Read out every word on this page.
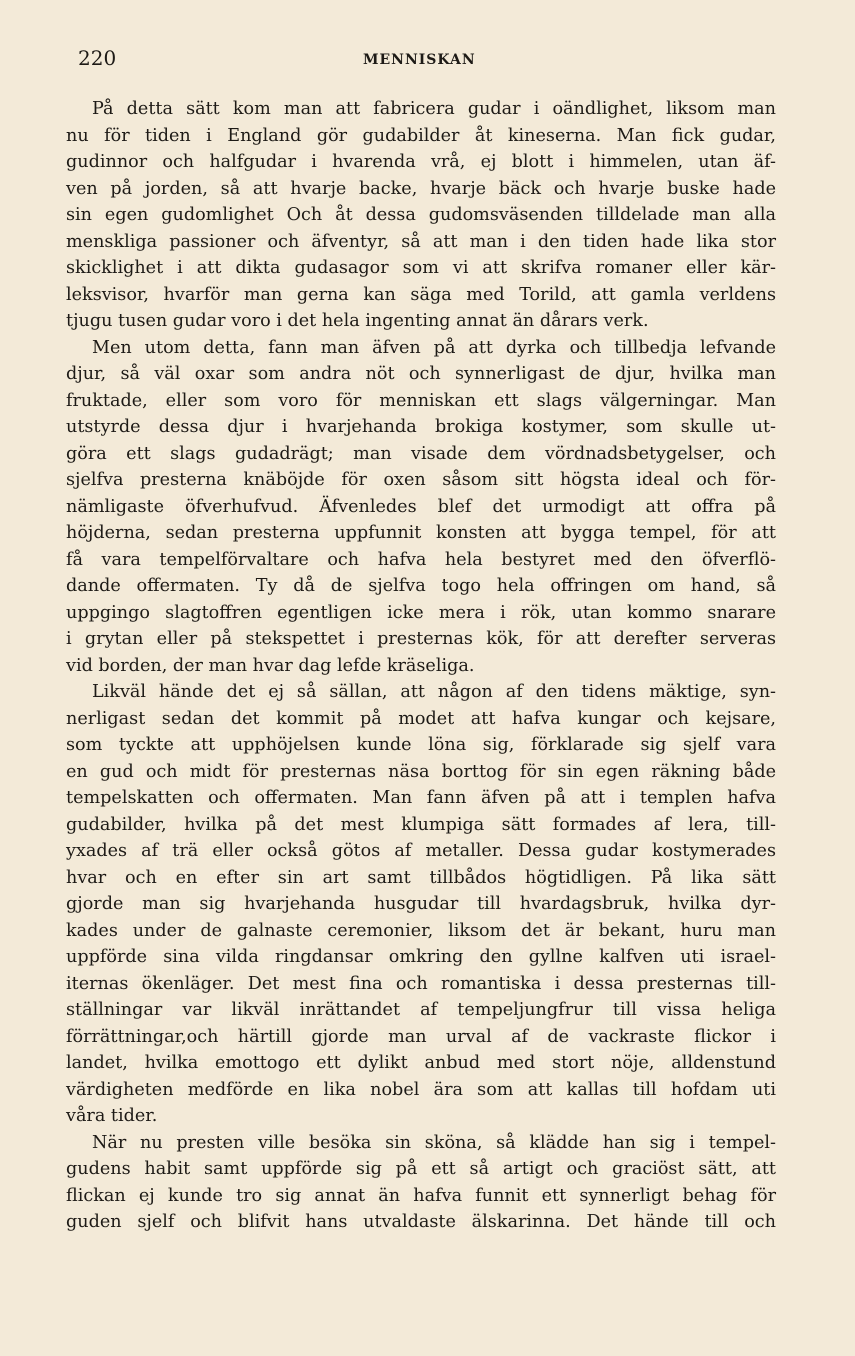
220	MENNISKAN

På detta sätt kom man att fabricera gudar i oändlighet, liksom man
nu för tiden i England gör gudabilder åt kineserna. Man fick gudar,
gudinnor och halfgudar i hvarenda vrå, ej blott i himmelen, utan äf-
ven på jorden, så att hvarje backe, hvarje bäck och hvarje buske hade
sin egen gudomlighet Och åt dessa gudomsväsenden tilldelade man alla
menskliga passioner och äfventyr, så att man i den tiden hade lika stor
skicklighet i att dikta gudasagor som vi att skrifva romaner eller kär-
leksvisor, hvarför man gerna kan säga med Torild, att gamla verldens
tjugu tusen gudar voro i det hela ingenting annat än dårars verk.

Men utom detta, fann man äfven på att dyrka och tillbedja lefvande
djur, så väl oxar som andra nöt och synnerligast de djur, hvilka man
fruktade, eller som voro för menniskan ett slags välgerningar. Man
utstyrde dessa djur i hvarjehanda brokiga kostymer, som skulle ut-
göra ett slags gudadrägt; man visade dem vördnadsbetygelser, och
sjelfva presterna knäböjde för oxen såsom sitt högsta ideal och för-
nämligaste öfverhufvud. Äfvenledes blef det urmodigt att offra på
höjderna, sedan presterna uppfunnit konsten att bygga tempel, för att
få vara tempelförvaltare och hafva hela bestyret med den öfverflö-
dande offermaten. Ty då de sjelfva togo hela offringen om hand, så
uppgingo slagtoffren egentligen icke mera i rök, utan kommo snarare
i grytan eller på stekspettet i presternas kök, för att derefter serveras
vid borden, der man hvar dag lefde kräseliga.

Likväl hände det ej så sällan, att någon af den tidens mäktige, syn-
nerligast sedan det kommit på modet att hafva kungar och kejsare,
som tyckte att upphöjelsen kunde löna sig, förklarade sig sjelf vara
en gud och midt för presternas näsa borttog för sin egen räkning både
tempelskatten och offermaten. Man fann äfven på att i templen hafva
gudabilder, hvilka på det mest klumpiga sätt formades af lera, till-
yxades af trä eller också götos af metaller. Dessa gudar kostymerades
hvar och en efter sin art samt tillbådos högtidligen. På lika sätt
gjorde man sig hvarjehanda husgudar till hvardagsbruk, hvilka dyr-
kades under de galnaste ceremonier, liksom det är bekant, huru man
uppförde sina vilda ringdansar omkring den gyllne kalfven uti israel-
iternas ökenläger. Det mest fina och romantiska i dessa presternas till-
ställningar var likväl inrättandet af tempeljungfrur till vissa heliga
förrättningar,och härtill gjorde man urval af de vackraste flickor i
landet, hvilka emottogo ett dylikt anbud med stort nöje, alldenstund
värdigheten medförde en lika nobel ära som att kallas till hofdam uti
våra tider.

När nu presten ville besöka sin sköna, så klädde han sig i tempel-
gudens habit samt uppförde sig på ett så artigt och graciöst sätt, att
flickan ej kunde tro sig annat än hafva funnit ett synnerligt behag för
guden sjelf och blifvit hans utvaldaste älskarinna. Det hände till och
